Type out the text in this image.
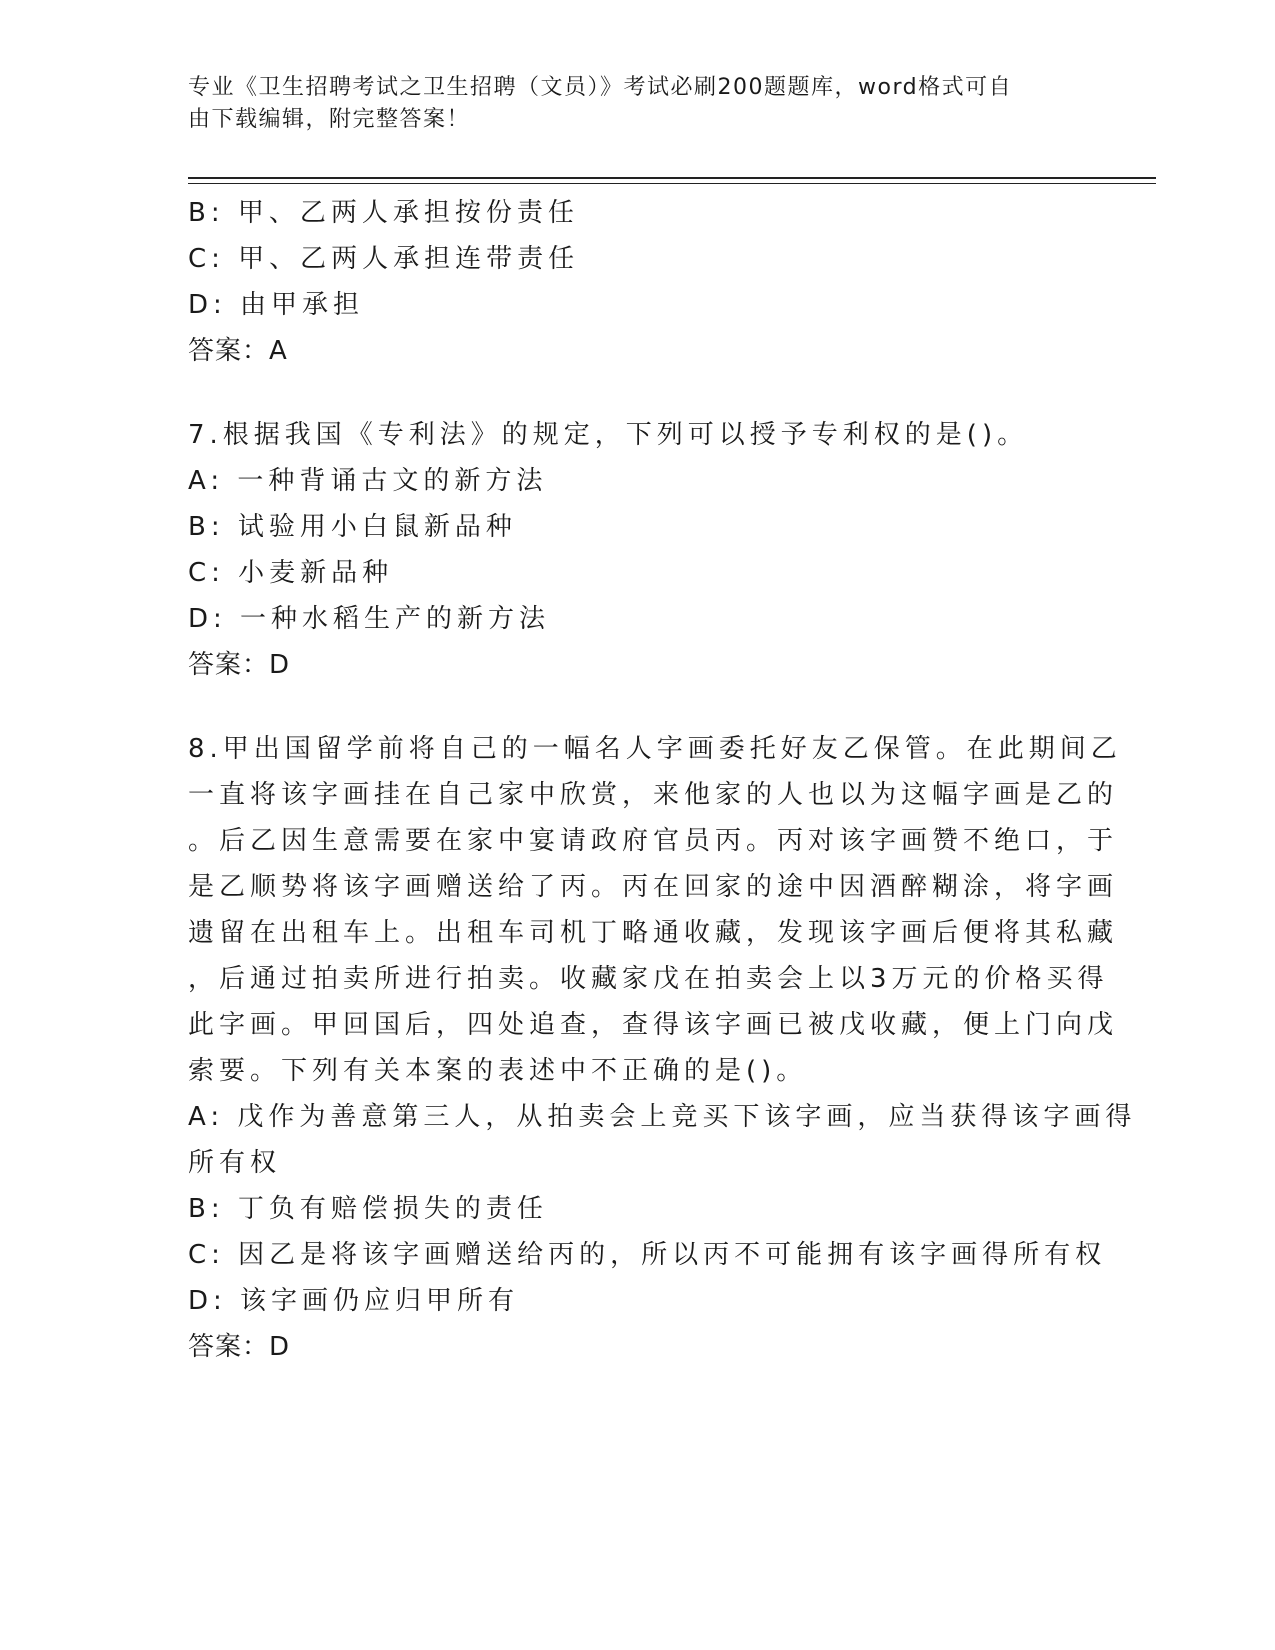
专业《卫生招聘考试之卫生招聘（文员）》考试必刷200题题库，word格式可自
由下载编辑，附完整答案！
B: 甲、乙两人承担按份责任
C: 甲、乙两人承担连带责任
D: 由甲承担
答案：A
7.根据我国《专利法》的规定，下列可以授予专利权的是()。
A: 一种背诵古文的新方法
B: 试验用小白鼠新品种
C: 小麦新品种
D: 一种水稻生产的新方法
答案：D
8.甲出国留学前将自己的一幅名人字画委托好友乙保管。在此期间乙
一直将该字画挂在自己家中欣赏，来他家的人也以为这幅字画是乙的
。后乙因生意需要在家中宴请政府官员丙。丙对该字画赞不绝口，于
是乙顺势将该字画赠送给了丙。丙在回家的途中因酒醉糊涂，将字画
遗留在出租车上。出租车司机丁略通收藏，发现该字画后便将其私藏
，后通过拍卖所进行拍卖。收藏家戊在拍卖会上以3万元的价格买得
此字画。甲回国后，四处追查，查得该字画已被戊收藏，便上门向戊
索要。下列有关本案的表述中不正确的是()。
A: 戊作为善意第三人，从拍卖会上竞买下该字画，应当获得该字画得
所有权
B: 丁负有赔偿损失的责任
C: 因乙是将该字画赠送给丙的，所以丙不可能拥有该字画得所有权
D: 该字画仍应归甲所有
答案：D
